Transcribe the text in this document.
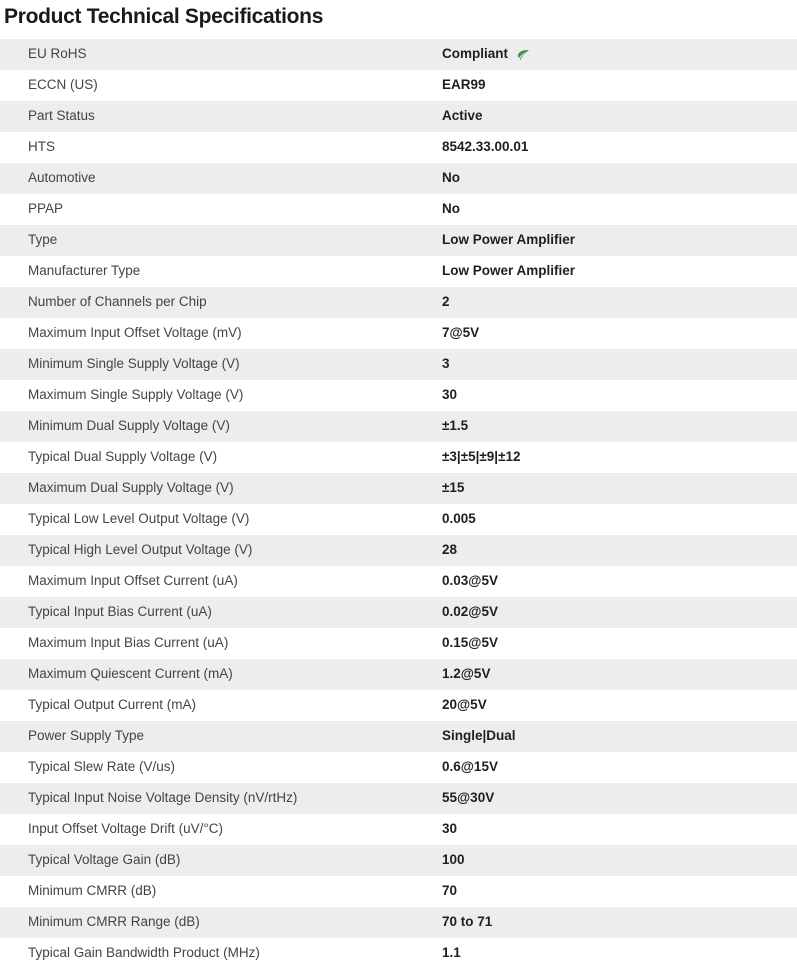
Product Technical Specifications
EU RoHS	Compliant

ECCN (US)	EAR99

Part Status	Active

HTS	8542.33.00.01

Automotive	No

PPAP	No

Type	Low Power Amplifier

Manufacturer Type	Low Power Amplifier

Number of Channels per Chip	2

Maximum Input Offset Voltage (mV)	7@5V

Minimum Single Supply Voltage (V)	3

Maximum Single Supply Voltage (V)	30

Minimum Dual Supply Voltage (V)	±1.5

Typical Dual Supply Voltage (V)	±3|±5|±9|±12

Maximum Dual Supply Voltage (V)	±15

Typical Low Level Output Voltage (V)	0.005

Typical High Level Output Voltage (V)	28

Maximum Input Offset Current (uA)	0.03@5V

Typical Input Bias Current (uA)	0.02@5V

Maximum Input Bias Current (uA)	0.15@5V

Maximum Quiescent Current (mA)	1.2@5V

Typical Output Current (mA)	20@5V

Power Supply Type	Single|Dual

Typical Slew Rate (V/us)	0.6@15V

Typical Input Noise Voltage Density (nV/rtHz)	55@30V

Input Offset Voltage Drift (uV/°C)	30

Typical Voltage Gain (dB)	100

Minimum CMRR (dB)	70

Minimum CMRR Range (dB)	70 to 71

Typical Gain Bandwidth Product (MHz)	1.1
